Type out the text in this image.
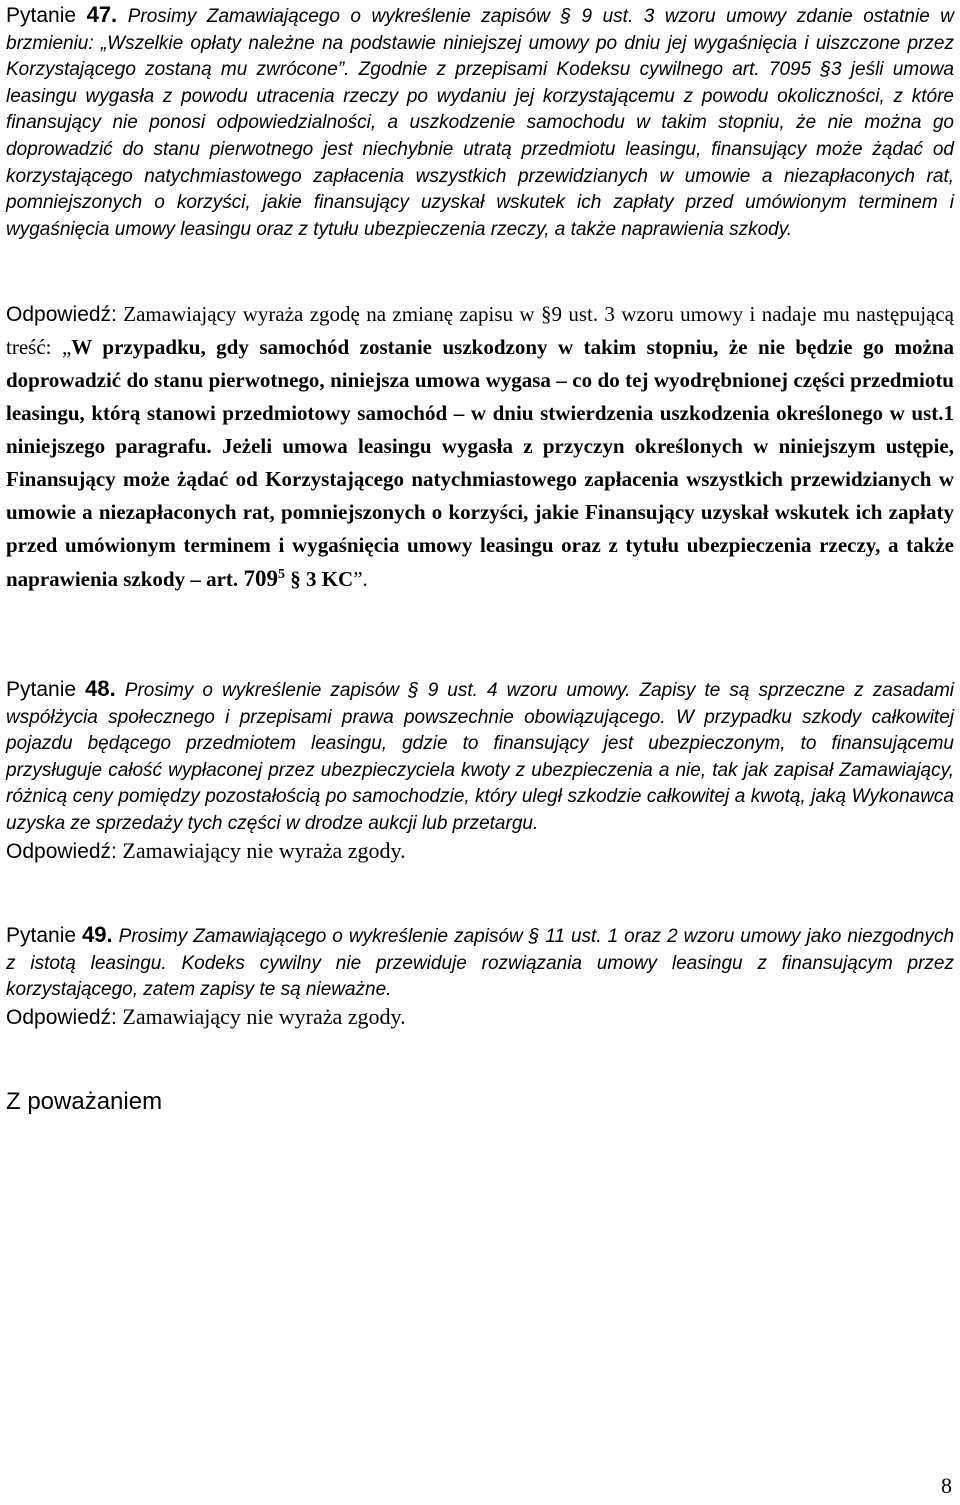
Pytanie 47. Prosimy Zamawiającego o wykreślenie zapisów § 9 ust. 3 wzoru umowy zdanie ostatnie w brzmieniu: „Wszelkie opłaty należne na podstawie niniejszej umowy po dniu jej wygaśnięcia i uiszczone przez Korzystającego zostaną mu zwrócone”. Zgodnie z przepisami Kodeksu cywilnego art. 7095 §3 jeśli umowa leasingu wygasła z powodu utracenia rzeczy po wydaniu jej korzystającemu z powodu okoliczności, z które finansujący nie ponosi odpowiedzialności, a uszkodzenie samochodu w takim stopniu, że nie można go doprowadzić do stanu pierwotnego jest niechybnie utratą przedmiotu leasingu, finansujący może żądać od korzystającego natychmiastowego zapłacenia wszystkich przewidzianych w umowie a niezapłaconych rat, pomniejszonych o korzyści, jakie finansujący uzyskał wskutek ich zapłaty przed umówionym terminem i wygaśnięcia umowy leasingu oraz z tytułu ubezpieczenia rzeczy, a także naprawienia szkody.

Odpowiedź: Zamawiający wyraża zgodę na zmianę zapisu w §9 ust. 3 wzoru umowy i nadaje mu następującą treść: „W przypadku, gdy samochód zostanie uszkodzony w takim stopniu, że nie będzie go można doprowadzić do stanu pierwotnego, niniejsza umowa wygasa – co do tej wyodrębnionej części przedmiotu leasingu, którą stanowi przedmiotowy samochód – w dniu stwierdzenia uszkodzenia określonego w ust.1 niniejszego paragrafu. Jeżeli umowa leasingu wygasła z przyczyn określonych w niniejszym ustępie, Finansujący może żądać od Korzystającego natychmiastowego zapłacenia wszystkich przewidzianych w umowie a niezapłaconych rat, pomniejszonych o korzyści, jakie Finansujący uzyskał wskutek ich zapłaty przed umówionym terminem i wygaśnięcia umowy leasingu oraz z tytułu ubezpieczenia rzeczy, a także naprawienia szkody – art. $709^5$ § 3 KC”.

Pytanie 48. Prosimy o wykreślenie zapisów § 9 ust. 4 wzoru umowy. Zapisy te są sprzeczne z zasadami współżycia społecznego i przepisami prawa powszechnie obowiązującego. W przypadku szkody całkowitej pojazdu będącego przedmiotem leasingu, gdzie to finansujący jest ubezpieczonym, to finansującemu przysługuje całość wypłaconej przez ubezpieczyciela kwoty z ubezpieczenia a nie, tak jak zapisał Zamawiający, różnicą ceny pomiędzy pozostałością po samochodzie, który uległ szkodzie całkowitej a kwotą, jaką Wykonawca uzyska ze sprzedaży tych części w drodze aukcji lub przetargu.

Odpowiedź: Zamawiający nie wyraża zgody.

Pytanie 49. Prosimy Zamawiającego o wykreślenie zapisów § 11 ust. 1 oraz 2 wzoru umowy jako niezgodnych z istotą leasingu. Kodeks cywilny nie przewiduje rozwiązania umowy leasingu z finansującym przez korzystającego, zatem zapisy te są nieważne.

Odpowiedź: Zamawiający nie wyraża zgody.

Z poważaniem
8
